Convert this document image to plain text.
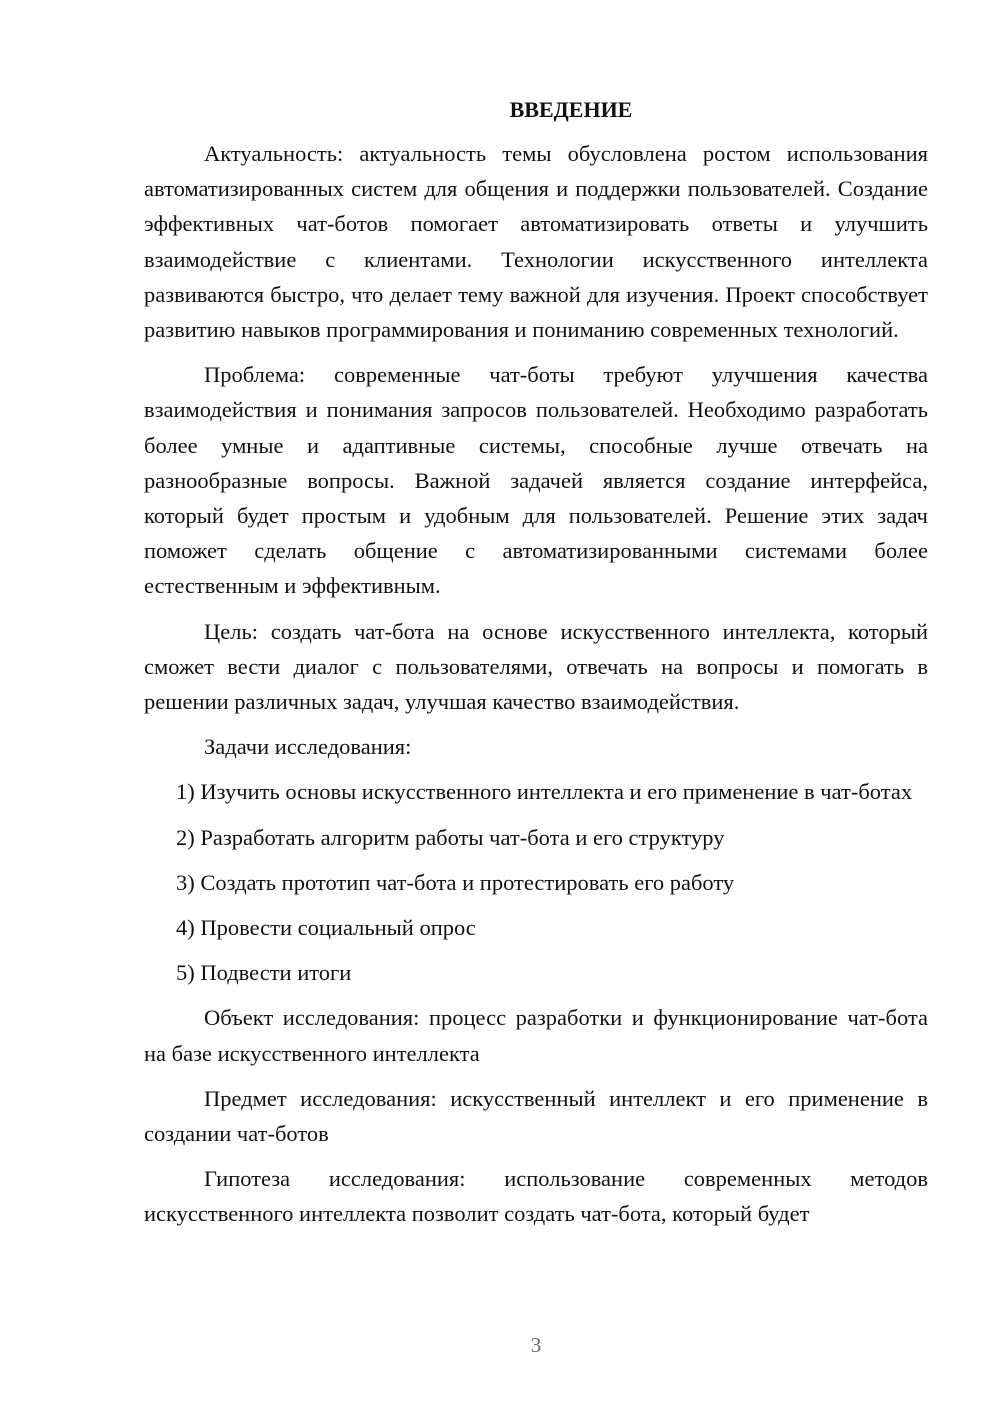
ВВЕДЕНИЕ

Актуальность: актуальность темы обусловлена ростом использования автоматизированных систем для общения и поддержки пользователей. Создание эффективных чат-ботов помогает автоматизировать ответы и улучшить взаимодействие с клиентами. Технологии искусственного интеллекта развиваются быстро, что делает тему важной для изучения. Проект способствует развитию навыков программирования и пониманию современных технологий.

Проблема: современные чат-боты требуют улучшения качества взаимодействия и понимания запросов пользователей. Необходимо разработать более умные и адаптивные системы, способные лучше отвечать на разнообразные вопросы. Важной задачей является создание интерфейса, который будет простым и удобным для пользователей. Решение этих задач поможет сделать общение с автоматизированными системами более естественным и эффективным.

Цель: создать чат-бота на основе искусственного интеллекта, который сможет вести диалог с пользователями, отвечать на вопросы и помогать в решении различных задач, улучшая качество взаимодействия.

Задачи исследования:

1) Изучить основы искусственного интеллекта и его применение в чат-ботах

2) Разработать алгоритм работы чат-бота и его структуру

3) Создать прототип чат-бота и протестировать его работу

4) Провести социальный опрос

5) Подвести итоги

Объект исследования: процесс разработки и функционирование чат-бота на базе искусственного интеллекта

Предмет исследования: искусственный интеллект и его применение в создании чат-ботов

Гипотеза исследования: использование современных методов искусственного интеллекта позволит создать чат-бота, который будет

3
